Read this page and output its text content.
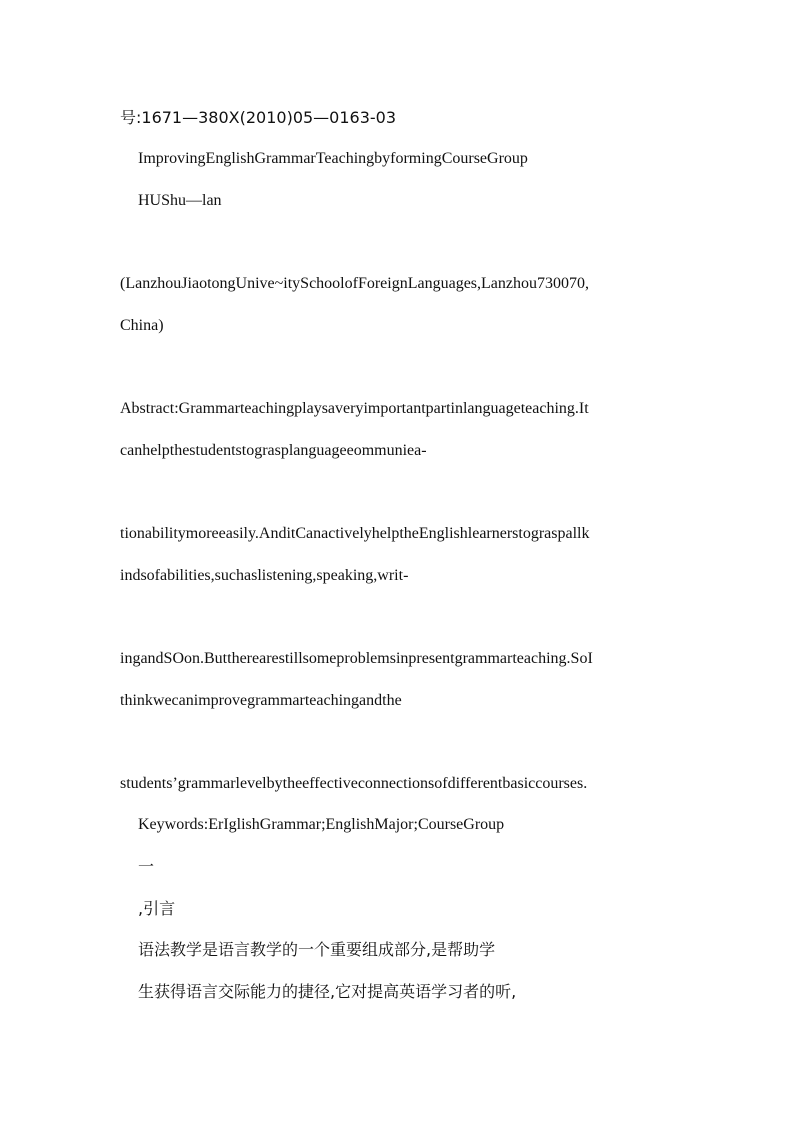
号:1671—380X(2010)05—0163-03
ImprovingEnglishGrammarTeachingbyformingCourseGroup
HUShu—lan
(LanzhouJiaotongUnive~itySchoolofForeignLanguages,Lanzhou730070,
China)
Abstract:Grammarteachingplaysaveryimportantpartinlanguageteaching.It
canhelpthestudentstograsplanguageeommuniea-
tionabilitymoreeasily.AnditCanactivelyhelptheEnglishlearnerstograspallk
indsofabilities,suchaslistening,speaking,writ-
ingandSOon.Buttherearestillsomeproblemsinpresentgrammarteaching.SoI
thinkwecanimprovegrammarteachingandthe
students’grammarlevelbytheeffectiveconnectionsofdifferentbasiccourses.
Keywords:ErIglishGrammar;EnglishMajor;CourseGroup
一
,引言
语法教学是语言教学的一个重要组成部分,是帮助学
生获得语言交际能力的捷径,它对提高英语学习者的听,
